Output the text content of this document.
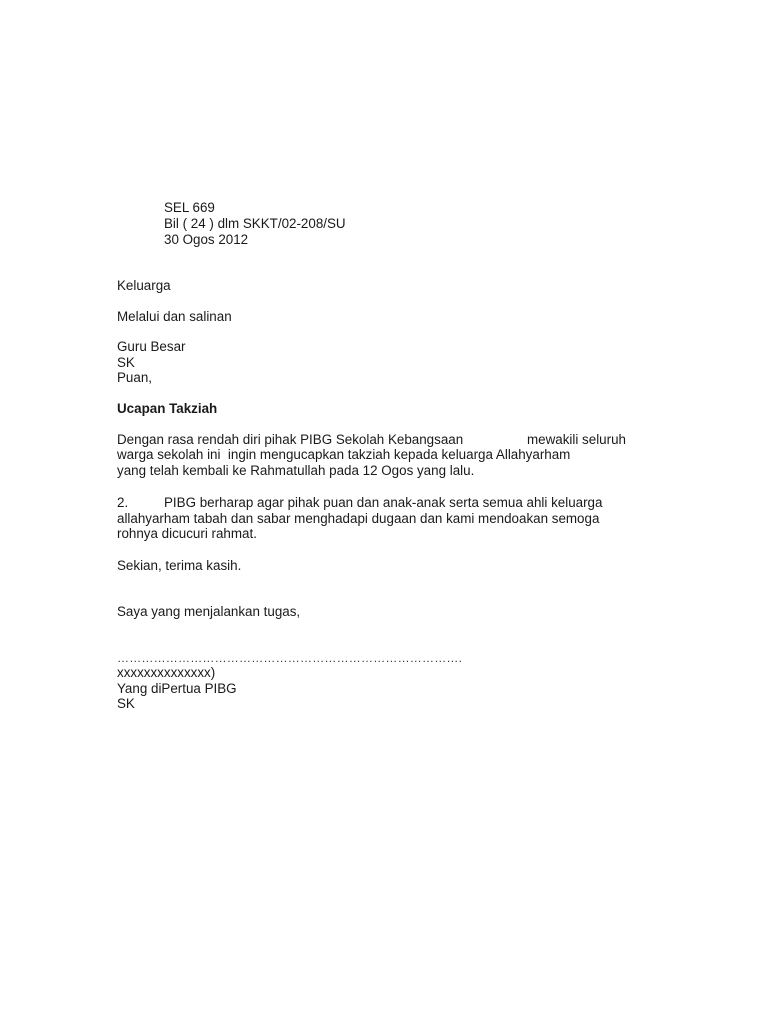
SEL 669
Bil ( 24 ) dlm SKKT/02-208/SU
30 Ogos 2012
Keluarga
Melalui dan salinan
Guru Besar
SK
Puan,
Ucapan Takziah
Dengan rasa rendah diri pihak PIBG Sekolah Kebangsaan	mewakili seluruh
warga sekolah ini  ingin mengucapkan takziah kepada keluarga Allahyarham
yang telah kembali ke Rahmatullah pada 12 Ogos yang lalu.
2.	PIBG berharap agar pihak puan dan anak-anak serta semua ahli keluarga
allahyarham tabah dan sabar menghadapi dugaan dan kami mendoakan semoga
rohnya dicucuri rahmat.
Sekian, terima kasih.
Saya yang menjalankan tugas,
………………………………………………………………………….
xxxxxxxxxxxxxx)
Yang diPertua PIBG
SK
